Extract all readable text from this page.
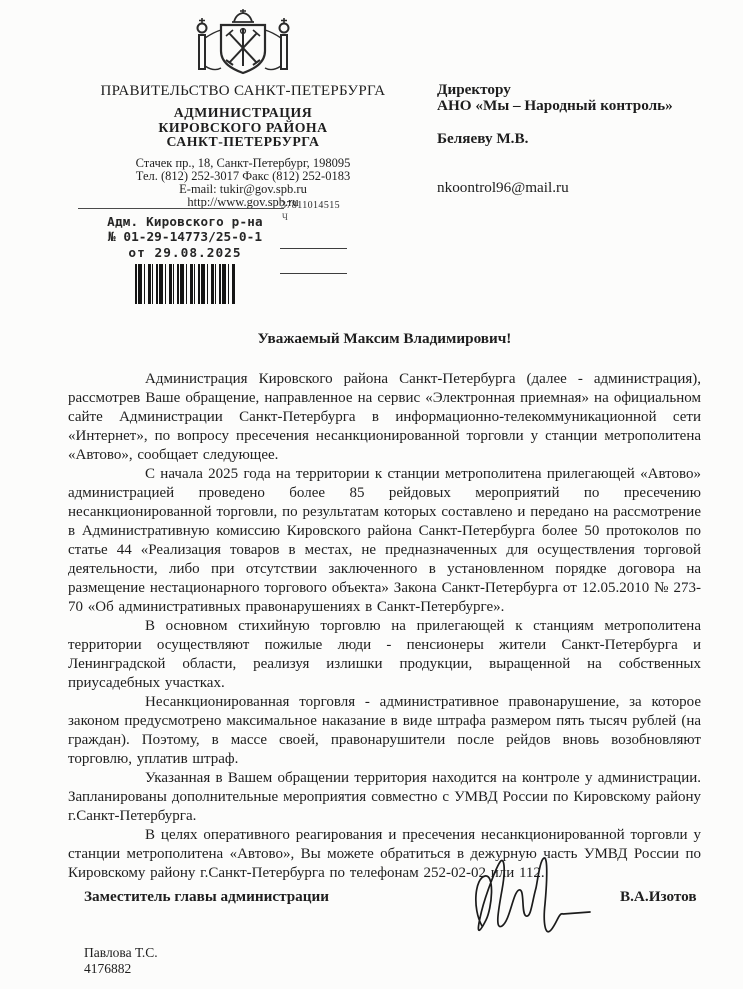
ПРАВИТЕЛЬСТВО САНКТ-ПЕТЕРБУРГА
АДМИНИСТРАЦИЯ
КИРОВСКОГО РАЙОНА
САНКТ-ПЕТЕРБУРГА
Стачек пр., 18, Санкт-Петербург, 198095
Тел. (812) 252-3017 Факс (812) 252-0183
E-mail: tukir@gov.spb.ru
http://www.gov.spb.ru
Директору
АНО «Мы – Народный контроль»
Беляеву М.В.
nkoontrol96@mail.ru
37811014515
Ч
Адм. Кировского р-на
№ 01-29-14773/25-0-1
от 29.08.2025
Уважаемый Максим Владимирович!

Администрация Кировского района Санкт-Петербурга (далее - администрация), рассмотрев Ваше обращение, направленное на сервис «Электронная приемная» на официальном сайте Администрации Санкт-Петербурга в информационно-телекоммуникационной сети «Интернет», по вопросу пресечения несанкционированной торговли у станции метрополитена «Автово», сообщает следующее.

С начала 2025 года на территории к станции метрополитена прилегающей «Автово» администрацией проведено более 85 рейдовых мероприятий по пресечению несанкционированной торговли, по результатам которых составлено и передано на рассмотрение в Административную комиссию Кировского района Санкт-Петербурга более 50 протоколов по статье 44 «Реализация товаров в местах, не предназначенных для осуществления торговой деятельности, либо при отсутствии заключенного в установленном порядке договора на размещение нестационарного торгового объекта» Закона Санкт-Петербурга от 12.05.2010 № 273-70 «Об административных правонарушениях в Санкт-Петербурге».

В основном стихийную торговлю на прилегающей к станциям метрополитена территории осуществляют пожилые люди - пенсионеры жители Санкт-Петербурга и Ленинградской области, реализуя излишки продукции, выращенной на собственных приусадебных участках.

Несанкционированная торговля - административное правонарушение, за которое законом предусмотрено максимальное наказание в виде штрафа размером пять тысяч рублей (на граждан). Поэтому, в массе своей, правонарушители после рейдов вновь возобновляют торговлю, уплатив штраф.

Указанная в Вашем обращении территория находится на контроле у администрации. Запланированы дополнительные мероприятия совместно с УМВД России по Кировскому району г.Санкт-Петербурга.

В целях оперативного реагирования и пресечения несанкционированной торговли у станции метрополитена «Автово», Вы можете обратиться в дежурную часть УМВД России по Кировскому району г.Санкт-Петербурга по телефонам 252-02-02 или 112.

Заместитель главы администрации	В.А.Изотов
Павлова Т.С.
4176882
